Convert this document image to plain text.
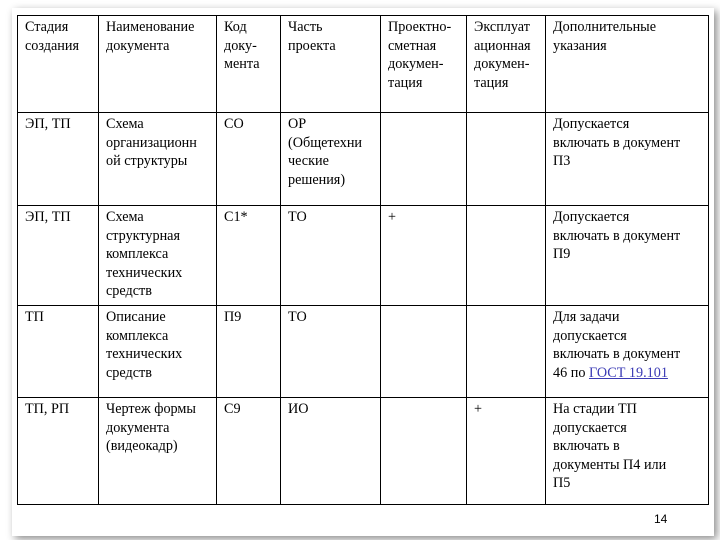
Стадия
создания	Наименование
документа	Код
доку-
мента	Часть
проекта	Проектно-
сметная
докумен-
тация	Эксплуат
ационная
докумен-
тация	Дополнительные
указания
ЭП, ТП	Схема
организационн
ой структуры	СО	ОР
(Общетехни
ческие
решения)			Допускается
включать в документ
П3
ЭП, ТП	Схема
структурная
комплекса
технических
средств	С1*	ТО	+		Допускается
включать в документ
П9
ТП	Описание
комплекса
технических
средств	П9	ТО			Для задачи
допускается
включать в документ
46 по ГОСТ 19.101
ТП, РП	Чертеж формы
документа
(видеокадр)	С9	ИО		+	На стадии ТП
допускается
включать в
документы П4 или
П5
14
